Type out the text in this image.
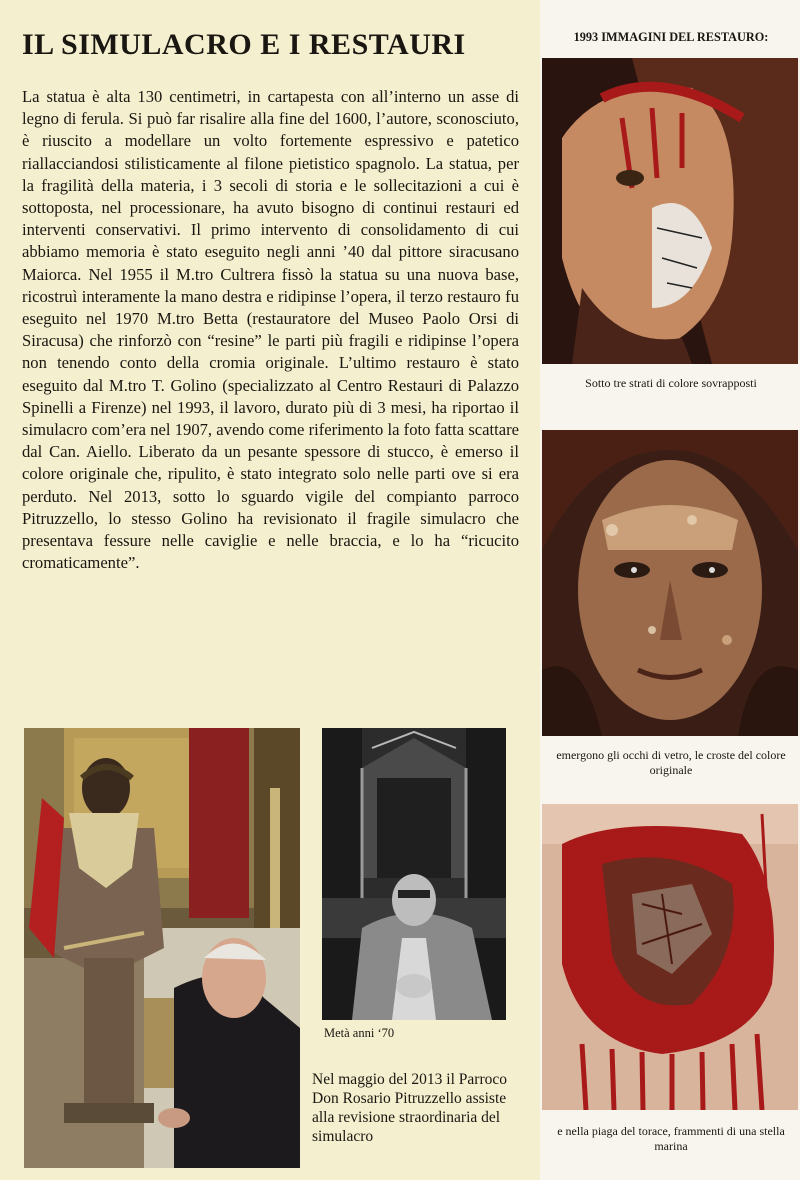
IL SIMULACRO E I RESTAURI

La statua è alta 130 centimetri, in cartapesta con all’interno un asse di legno di ferula. Si può far risalire alla fine del 1600, l’autore, sconosciuto, è riuscito a modellare un volto fortemente espressivo e patetico riallacciandosi stilisticamente al filone pietistico spagnolo. La statua, per la fragilità della materia, i 3 secoli di storia e le sollecitazioni a cui è sottoposta, nel processionare, ha avuto bisogno di continui restauri ed interventi conservativi. Il primo intervento di consolidamento di cui abbiamo memoria è stato eseguito negli anni ’40 dal pittore siracusano Maiorca. Nel 1955 il M.tro Cultrera fissò la statua su una nuova base, ricostruì interamente la mano destra e ridipinse l’opera, il terzo restauro fu eseguito nel 1970 M.tro Betta (restauratore del Museo Paolo Orsi di Siracusa) che rinforzò con “resine” le parti più fragili e ridipinse l’opera non tenendo conto della cromia originale. L’ultimo restauro è stato eseguito dal M.tro T. Golino (specializzato al Centro Restauri di Palazzo Spinelli a Firenze) nel 1993, il lavoro, durato più di 3 mesi, ha riportao il simulacro com’era nel 1907, avendo come riferimento la foto fatta scattare dal Can. Aiello. Liberato da un pesante spessore di stucco, è emerso il colore originale che, ripulito, è stato integrato solo nelle parti ove si era perduto. Nel 2013, sotto lo sguardo vigile del compianto parroco Pitruzzello, lo stesso Golino ha revisionato il fragile simulacro che presentava fessure nelle caviglie e nelle braccia, e lo ha “ricucito cromaticamente”.

Metà anni ‘70
Nel maggio del 2013 il Parroco Don Rosario Pitruzzello assiste alla revisione straordinaria del simulacro
1993 IMMAGINI DEL RESTAURO:
Sotto tre strati di colore sovrapposti
emergono gli occhi di vetro, le croste del colore originale
e nella piaga del torace, frammenti di una stella marina
